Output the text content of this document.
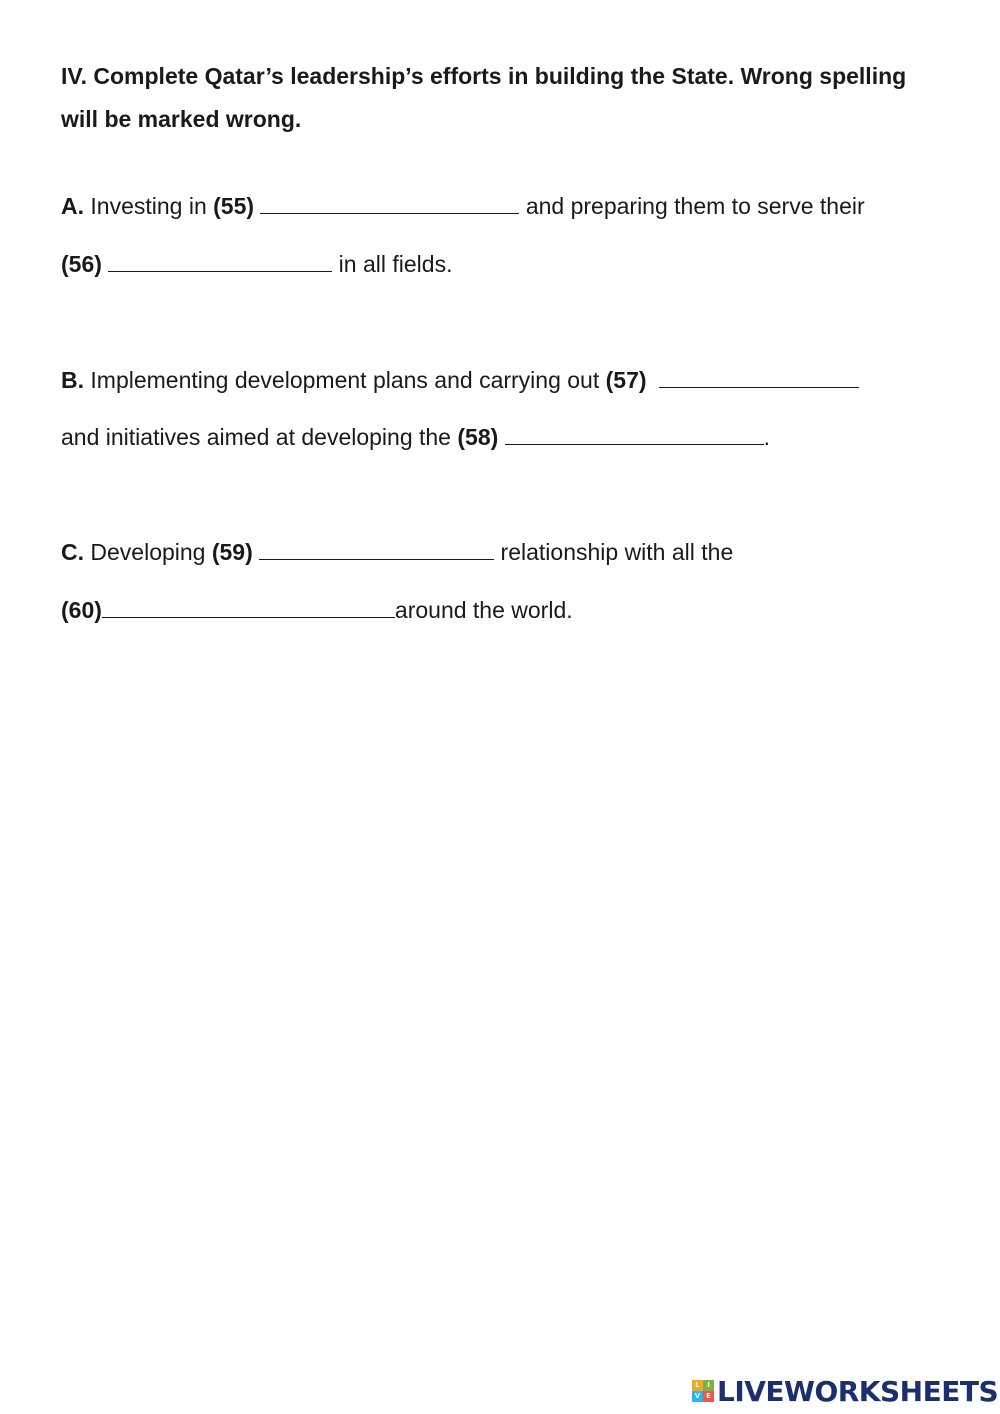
IV. Complete Qatar’s leadership’s efforts in building the State. Wrong spelling
will be marked wrong.
A. Investing in (55)	and preparing them to serve their
(56)	in all fields.
B. Implementing development plans and carrying out (57)
and initiatives aimed at developing the (58)	.
C. Developing (59)	relationship with all the
(60)	around the world.
L	I
V E LIVEWORKSHEETS
